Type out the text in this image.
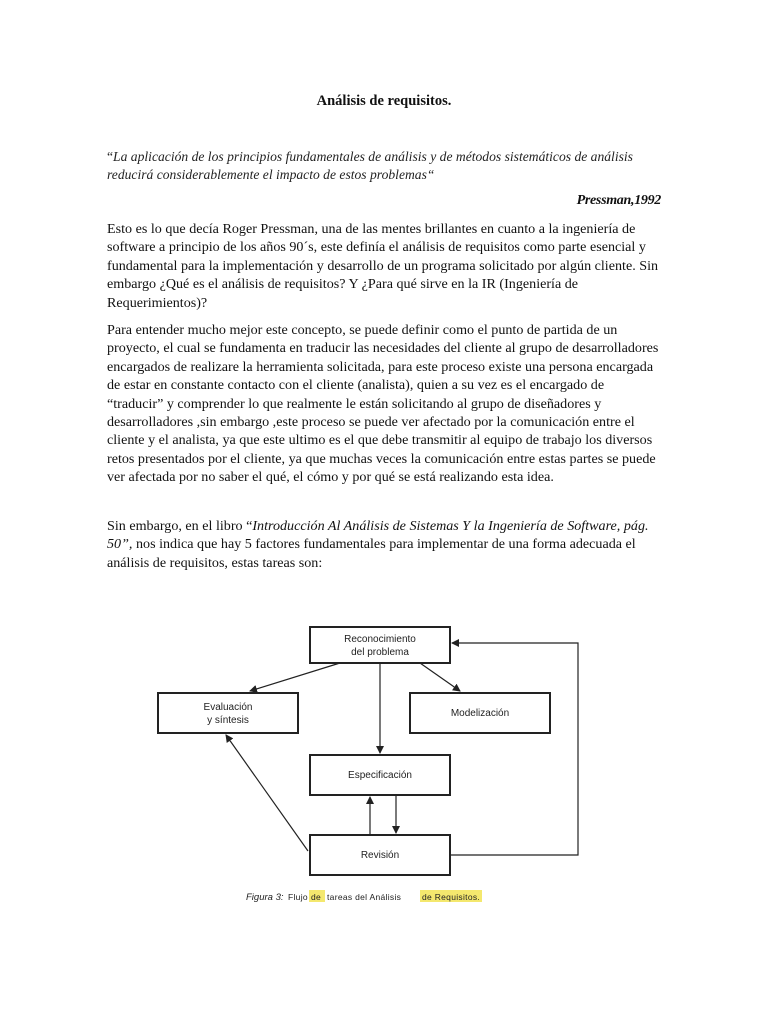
Análisis de requisitos.
“La aplicación de los principios fundamentales de análisis y de métodos sistemáticos de análisis reducirá considerablemente el impacto de estos problemas“
Pressman,1992

Esto es lo que decía Roger Pressman, una de las mentes brillantes en cuanto a la ingeniería de software a principio de los años 90´s, este definía el análisis de requisitos como parte esencial y fundamental para la implementación y desarrollo de un programa solicitado por algún cliente. Sin embargo ¿Qué es el análisis de requisitos? Y ¿Para qué sirve en la IR (Ingeniería de Requerimientos)?

Para entender mucho mejor este concepto, se puede definir como el punto de partida de un proyecto, el cual se fundamenta en traducir las necesidades del cliente al grupo de desarrolladores encargados de realizare la herramienta solicitada, para este proceso existe una persona encargada de estar en constante contacto con el cliente (analista), quien a su vez es el encargado de “traducir” y comprender lo que realmente le están solicitando al grupo de diseñadores y desarrolladores ,sin embargo ,este proceso se puede ver afectado por la comunicación entre el cliente y el analista, ya que este ultimo es el que debe transmitir al equipo de trabajo los diversos retos presentados por el cliente, ya que muchas veces la comunicación entre estas partes se puede ver afectada por no saber el qué, el cómo y por qué se está realizando esta idea.

Sin embargo, en el libro “Introducción Al Análisis de Sistemas Y la Ingeniería de Software, pág. 50”, nos indica que hay 5 factores fundamentales para implementar de una forma adecuada el análisis de requisitos, estas tareas son:

Reconocimiento
del problema
Evaluación
y síntesis
Modelización
Especificación
Revisión
Figura 3: Flujo de tareas del Análisis de Requisitos.
